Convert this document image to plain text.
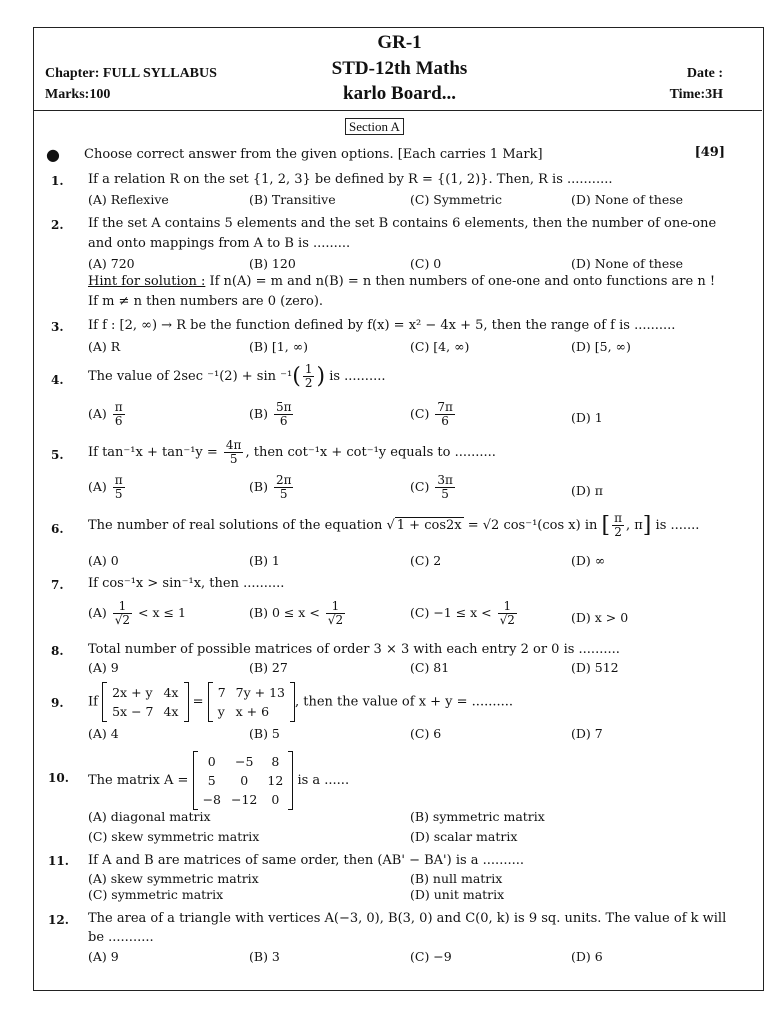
GR-1
STD-12th Maths
karlo Board...
Chapter: FULL SYLLABUS
Marks:100
Date :
Time:3H
Section A
● Choose correct answer from the given options. [Each carries 1 Mark]	[49]
1. If a relation R on the set {1, 2, 3} be defined by R = {(1, 2)}. Then, R is ...........
(A) Reflexive	(B) Transitive	(C) Symmetric	(D) None of these
2. If the set A contains 5 elements and the set B contains 6 elements, then the number of one-one
and onto mappings from A to B is .........
(A) 720	(B) 120	(C) 0	(D) None of these
Hint for solution : If n(A) = m and n(B) = n then numbers of one-one and onto functions are n !
If m ≠ n then numbers are 0 (zero).
3. If f : [2, ∞) → R be the function defined by f(x) = x² − 4x + 5, then the range of f is ..........
(A) R	(B) [1, ∞)	(C) [4, ∞)	(D) [5, ∞)
4. The value of 2sec $^{-1}(2) + \sin ^{-1}( \frac{1}{2}$ ) is ..........
$(A) \frac{\pi}{6}$	$(B) \frac{5\pi}{6}$	$(C) \frac{7\pi}{6}$	(D) 1
5. If $\tan^{-1}x + \tan^{-1}y = \frac{4\pi}{5}$ , then cot⁻¹x + cot⁻¹y equals to ..........
$(A) \frac{\pi}{5}$	$(B) \frac{2\pi}{5}$	$(C) \frac{3\pi}{5}$	(D) π
6. The number of real solutions of the equation √ 1 + cos2x = √2 cos⁻¹(cos x) in [ $\frac{\pi}{2}$ , π] is .......
(A) 0	(B) 1	(C) 2	(D) ∞
7. If cos⁻¹x > sin⁻¹x, then ..........
$(A) \frac{1}{√2} < x \le 1$	(B) $0 \le x < \frac{1}{√2}$	$(C) -1 \le x < \frac{1}{√2}$	(D) x > 0
8. Total number of possible matrices of order 3 × 3 with each entry 2 or 0 is ..........
(A) 9	(B) 27	(C) 81	(D) 512
9. If
2x + y	4x
5x − 7	4x
=
7	7y + 13
y	x + 6
, then the value of x + y = ..........
(A) 4	(B) 5	(C) 6	(D) 7
10. The matrix A =
0	−5	8
5	0	12
−8	−12	0
is a ......
(A) diagonal matrix	(B) symmetric matrix
(C) skew symmetric matrix	(D) scalar matrix
11. If A and B are matrices of same order, then (AB' − BA') is a ..........
(A) skew symmetric matrix	(B) null matrix
(C) symmetric matrix	(D) unit matrix
12. The area of a triangle with vertices A(−3, 0), B(3, 0) and C(0, k) is 9 sq. units. The value of k will
be ...........
(A) 9	(B) 3	(C) −9	(D) 6
